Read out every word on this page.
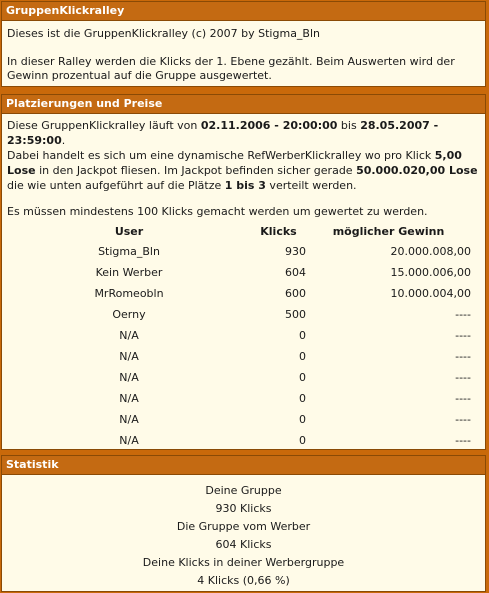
GruppenKlickralley
Dieses ist die GruppenKlickralley (c) 2007 by Stigma_Bln
In dieser Ralley werden die Klicks der 1. Ebene gezählt. Beim Auswerten wird der
Gewinn prozentual auf die Gruppe ausgewertet.
Platzierungen und Preise
Diese GruppenKlickralley läuft von 02.11.2006 - 20:00:00 bis 28.05.2007 - 23:59:00.
Dabei handelt es sich um eine dynamische RefWerberKlickralley wo pro Klick 5,00
Lose in den Jackpot fliesen. Im Jackpot befinden sicher gerade 50.000.020,00 Lose
die wie unten aufgeführt auf die Plätze 1 bis 3 verteilt werden.
Es müssen mindestens 100 Klicks gemacht werden um gewertet zu werden.
User	Klicks	möglicher Gewinn
Stigma_Bln	930	20.000.008,00
Kein Werber	604	15.000.006,00
MrRomeobln	600	10.000.004,00
Oerny	500	----
N/A	0	----
N/A	0	----
N/A	0	----
N/A	0	----
N/A	0	----
N/A	0	----
Statistik
Deine Gruppe
930 Klicks
Die Gruppe vom Werber
604 Klicks
Deine Klicks in deiner Werbergruppe
4 Klicks (0,66 %)
